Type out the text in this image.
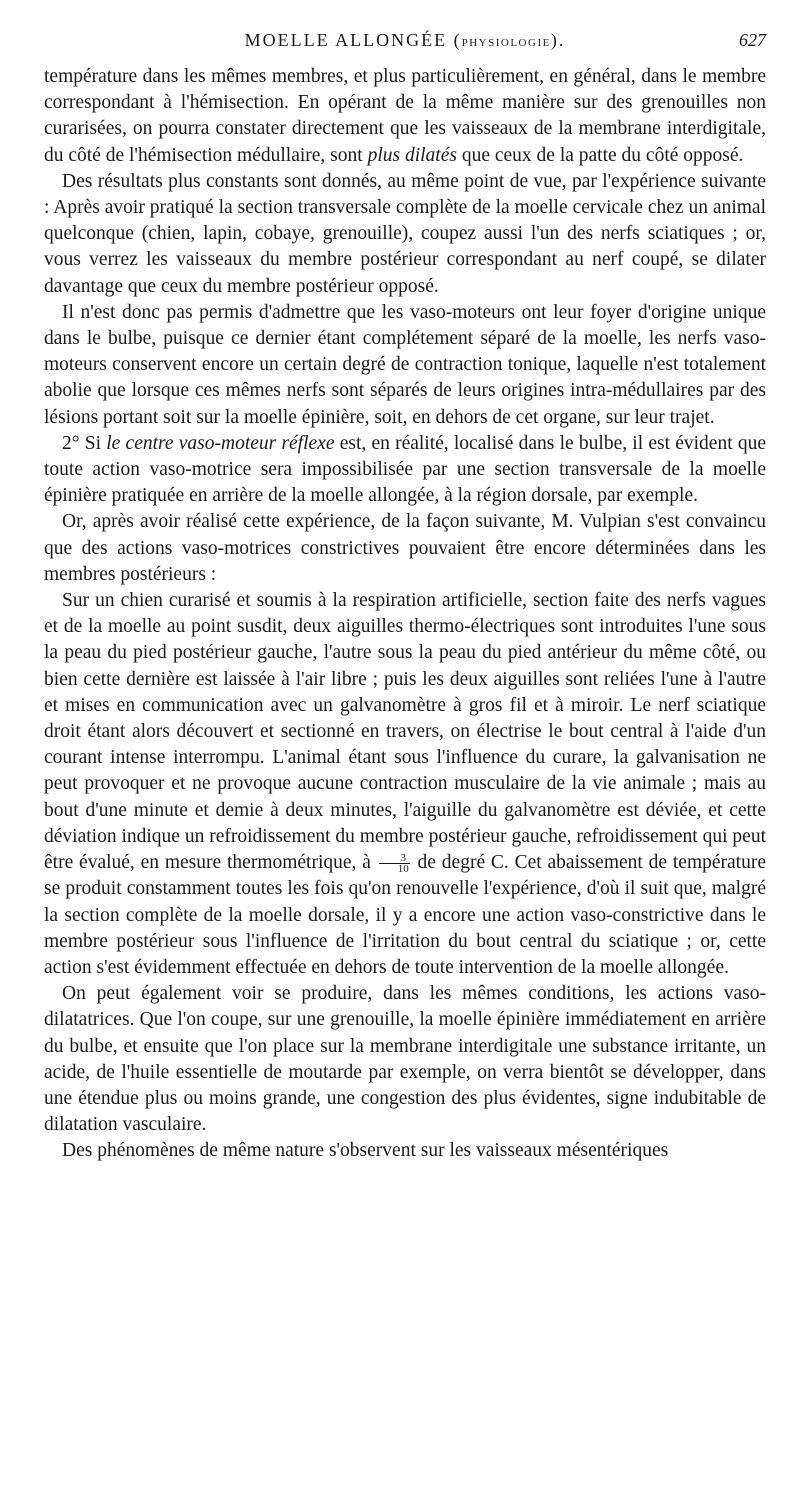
MOELLE ALLONGÉE (PHYSIOLOGIE).	627

température dans les mêmes membres, et plus particulièrement, en général, dans le membre correspondant à l'hémisection. En opérant de la même manière sur des grenouilles non curarisées, on pourra constater directement que les vaisseaux de la membrane interdigitale, du côté de l'hémisection médullaire, sont plus dilatés que ceux de la patte du côté opposé.

Des résultats plus constants sont donnés, au même point de vue, par l'expérience suivante : Après avoir pratiqué la section transversale complète de la moelle cervicale chez un animal quelconque (chien, lapin, cobaye, grenouille), coupez aussi l'un des nerfs sciatiques ; or, vous verrez les vaisseaux du membre postérieur correspondant au nerf coupé, se dilater davantage que ceux du membre postérieur opposé.

Il n'est donc pas permis d'admettre que les vaso-moteurs ont leur foyer d'origine unique dans le bulbe, puisque ce dernier étant complétement séparé de la moelle, les nerfs vaso-moteurs conservent encore un certain degré de contraction tonique, laquelle n'est totalement abolie que lorsque ces mêmes nerfs sont séparés de leurs origines intra-médullaires par des lésions portant soit sur la moelle épinière, soit, en dehors de cet organe, sur leur trajet.

2° Si le centre vaso-moteur réflexe est, en réalité, localisé dans le bulbe, il est évident que toute action vaso-motrice sera impossibilisée par une section transversale de la moelle épinière pratiquée en arrière de la moelle allongée, à la région dorsale, par exemple.

Or, après avoir réalisé cette expérience, de la façon suivante, M. Vulpian s'est convaincu que des actions vaso-motrices constrictives pouvaient être encore déterminées dans les membres postérieurs :

Sur un chien curarisé et soumis à la respiration artificielle, section faite des nerfs vagues et de la moelle au point susdit, deux aiguilles thermo-électriques sont introduites l'une sous la peau du pied postérieur gauche, l'autre sous la peau du pied antérieur du même côté, ou bien cette dernière est laissée à l'air libre ; puis les deux aiguilles sont reliées l'une à l'autre et mises en communication avec un galvanomètre à gros fil et à miroir. Le nerf sciatique droit étant alors découvert et sectionné en travers, on électrise le bout central à l'aide d'un courant intense interrompu. L'animal étant sous l'influence du curare, la galvanisation ne peut provoquer et ne provoque aucune contraction musculaire de la vie animale ; mais au bout d'une minute et demie à deux minutes, l'aiguille du galvanomètre est déviée, et cette déviation indique un refroidissement du membre postérieur gauche, refroidissement qui peut être évalué, en mesure thermométrique, à $\frac{3}{10}$ de degré C. Cet abaissement de température se produit constamment toutes les fois qu'on renouvelle l'expérience, d'où il suit que, malgré la section complète de la moelle dorsale, il y a encore une action vaso-constrictive dans le membre postérieur sous l'influence de l'irritation du bout central du sciatique ; or, cette action s'est évidemment effectuée en dehors de toute intervention de la moelle allongée.

On peut également voir se produire, dans les mêmes conditions, les actions vaso-dilatatrices. Que l'on coupe, sur une grenouille, la moelle épinière immédiatement en arrière du bulbe, et ensuite que l'on place sur la membrane interdigitale une substance irritante, un acide, de l'huile essentielle de moutarde par exemple, on verra bientôt se développer, dans une étendue plus ou moins grande, une congestion des plus évidentes, signe indubitable de dilatation vasculaire.

Des phénomènes de même nature s'observent sur les vaisseaux mésentériques
